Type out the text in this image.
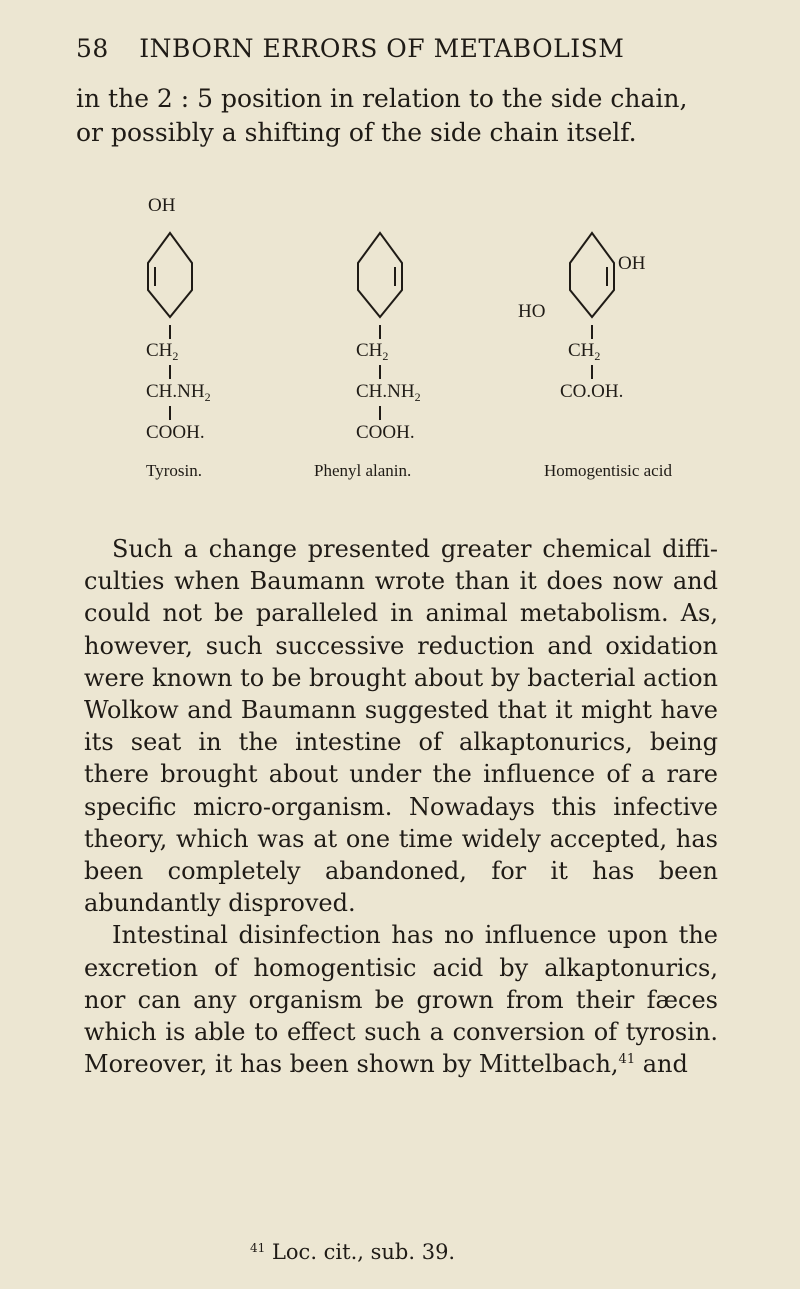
58 INBORN ERRORS OF METABOLISM

in the 2 : 5 position in relation to the side chain, or possibly a shifting of the side chain itself.

OH
$CH_2$
$CH.NH_2$
COOH.
Tyrosin.
$CH_2$
$CH.NH_2$
COOH.
Phenyl alanin.
HO
OH
$CH_2$
CO.OH.
Homogentisic acid

Such a change presented greater chemical diffi- culties when Baumann wrote than it does now and could not be paralleled in animal metabolism. As, however, such successive reduction and oxidation were known to be brought about by bacterial action Wolkow and Baumann suggested that it might have its seat in the intestine of alkaptonurics, being there brought about under the influence of a rare specific micro-organism. Nowadays this infective theory, which was at one time widely accepted, has been completely abandoned, for it has been abundantly disproved.

Intestinal disinfection has no influence upon the excretion of homogentisic acid by alkaptonurics, nor can any organism be grown from their fæces which is able to effect such a conversion of tyrosin. Moreover, it has been shown by Mittelbach,$^{41}$ and

$^{41}$ Loc. cit., sub. 39.
